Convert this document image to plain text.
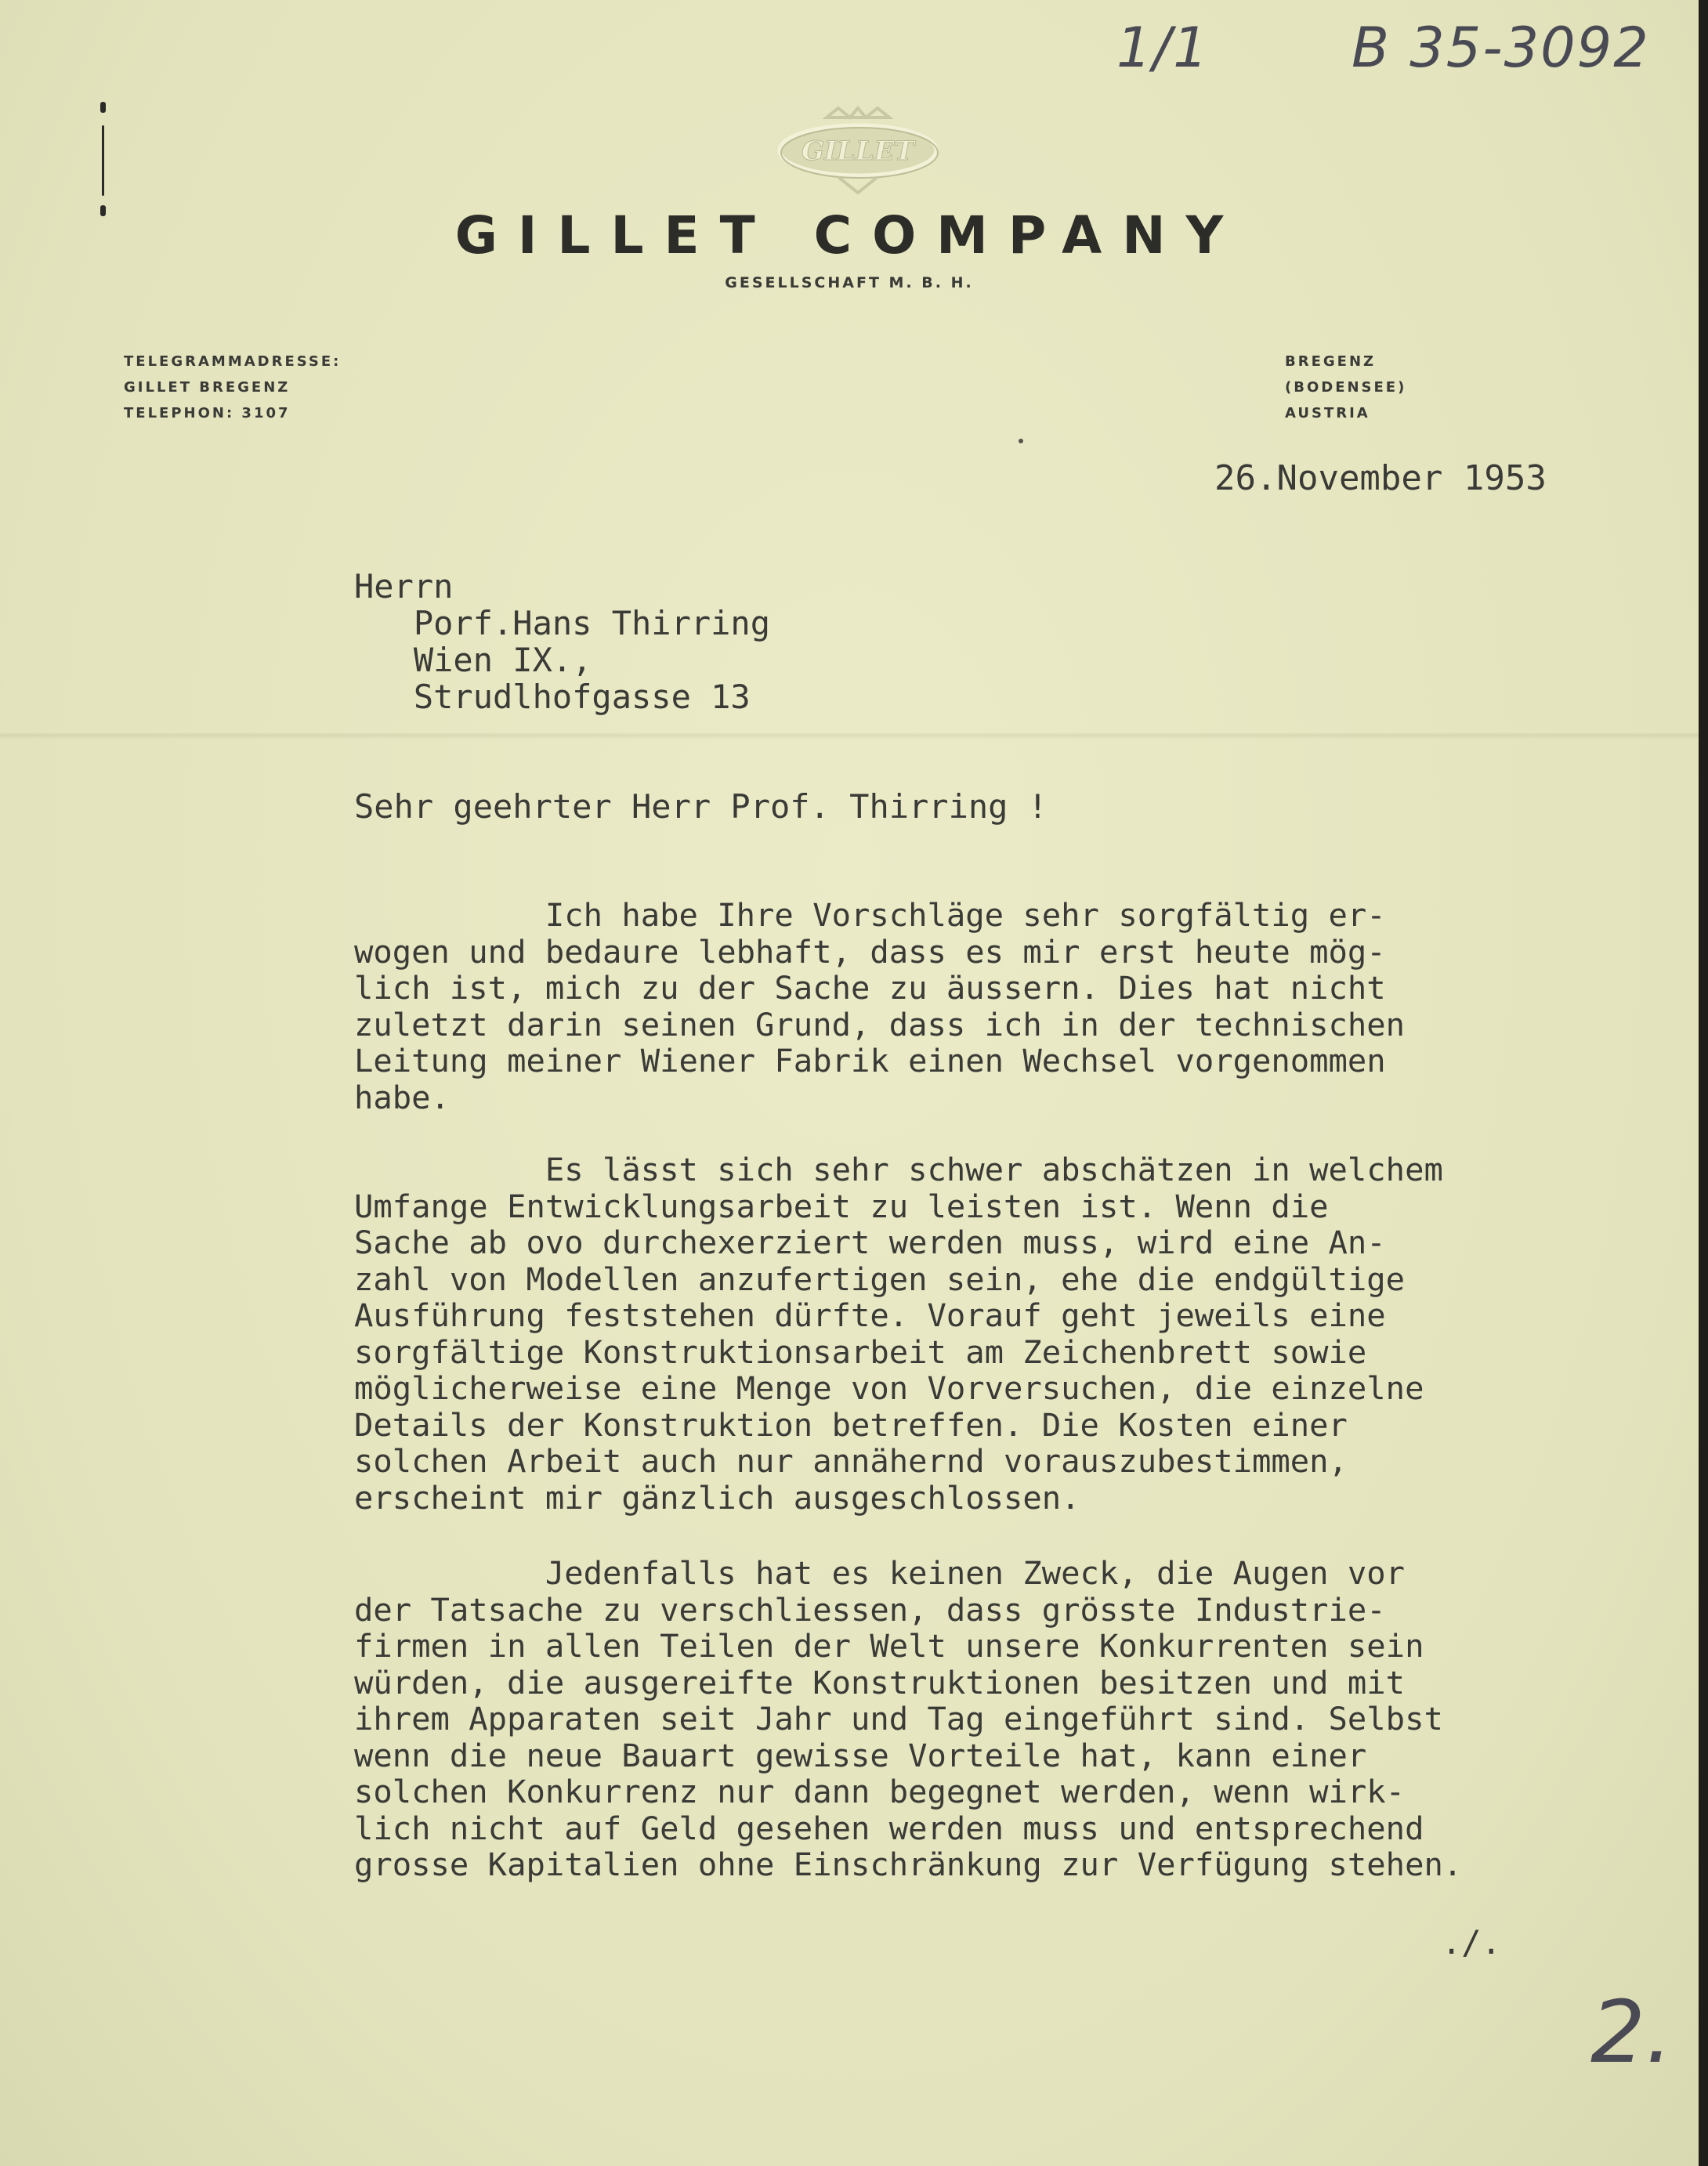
1/1	B 35-3092
GILLET
GILLET COMPANY
GESELLSCHAFT M. B. H.
TELEGRAMMADRESSE:
GILLET BREGENZ
TELEPHON: 3107
BREGENZ
(BODENSEE)
AUSTRIA
26.November 1953
Herrn
Porf.Hans Thirring
Wien IX.,
Strudlhofgasse 13
Sehr geehrter Herr Prof. Thirring !
Ich habe Ihre Vorschläge sehr sorgfältig er-
wogen und bedaure lebhaft, dass es mir erst heute mög-
lich ist, mich zu der Sache zu äussern. Dies hat nicht
zuletzt darin seinen Grund, dass ich in der technischen
Leitung meiner Wiener Fabrik einen Wechsel vorgenommen
habe.
Es lässt sich sehr schwer abschätzen in welchem
Umfange Entwicklungsarbeit zu leisten ist. Wenn die
Sache ab ovo durchexerziert werden muss, wird eine An-
zahl von Modellen anzufertigen sein, ehe die endgültige
Ausführung feststehen dürfte. Vorauf geht jeweils eine
sorgfältige Konstruktionsarbeit am Zeichenbrett sowie
möglicherweise eine Menge von Vorversuchen, die einzelne
Details der Konstruktion betreffen. Die Kosten einer
solchen Arbeit auch nur annähernd vorauszubestimmen,
erscheint mir gänzlich ausgeschlossen.
Jedenfalls hat es keinen Zweck, die Augen vor
der Tatsache zu verschliessen, dass grösste Industrie-
firmen in allen Teilen der Welt unsere Konkurrenten sein
würden, die ausgereifte Konstruktionen besitzen und mit
ihrem Apparaten seit Jahr und Tag eingeführt sind. Selbst
wenn die neue Bauart gewisse Vorteile hat, kann einer
solchen Konkurrenz nur dann begegnet werden, wenn wirk-
lich nicht auf Geld gesehen werden muss und entsprechend
grosse Kapitalien ohne Einschränkung zur Verfügung stehen.
./.
2.
